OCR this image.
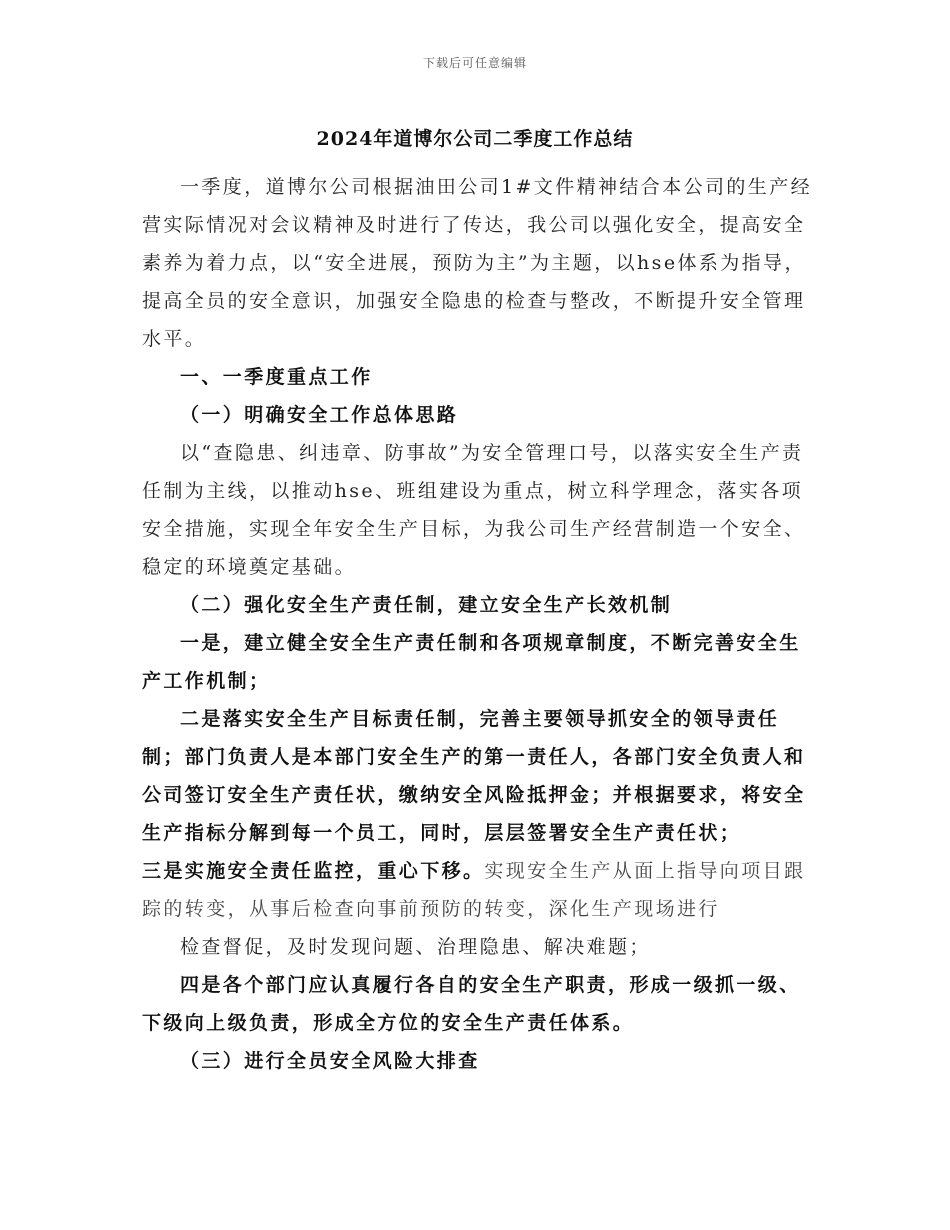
下载后可任意编辑
2024年道博尔公司二季度工作总结

一季度，道博尔公司根据油田公司1#文件精神结合本公司的生产经营实际情况对会议精神及时进行了传达，我公司以强化安全，提高安全素养为着力点，以“安全进展，预防为主”为主题，以hse体系为指导，提高全员的安全意识，加强安全隐患的检查与整改，不断提升安全管理水平。

一、一季度重点工作

（一）明确安全工作总体思路

以“查隐患、纠违章、防事故”为安全管理口号，以落实安全生产责任制为主线，以推动hse、班组建设为重点，树立科学理念，落实各项安全措施，实现全年安全生产目标，为我公司生产经营制造一个安全、稳定的环境奠定基础。

（二）强化安全生产责任制，建立安全生产长效机制

一是，建立健全安全生产责任制和各项规章制度，不断完善安全生产工作机制；

二是落实安全生产目标责任制，完善主要领导抓安全的领导责任制；部门负责人是本部门安全生产的第一责任人，各部门安全负责人和公司签订安全生产责任状，缴纳安全风险抵押金；并根据要求，将安全生产指标分解到每一个员工，同时，层层签署安全生产责任状；

三是实施安全责任监控，重心下移。实现安全生产从面上指导向项目跟踪的转变，从事后检查向事前预防的转变，深化生产现场进行

检查督促，及时发现问题、治理隐患、解决难题；

四是各个部门应认真履行各自的安全生产职责，形成一级抓一级、下级向上级负责，形成全方位的安全生产责任体系。

（三）进行全员安全风险大排查
